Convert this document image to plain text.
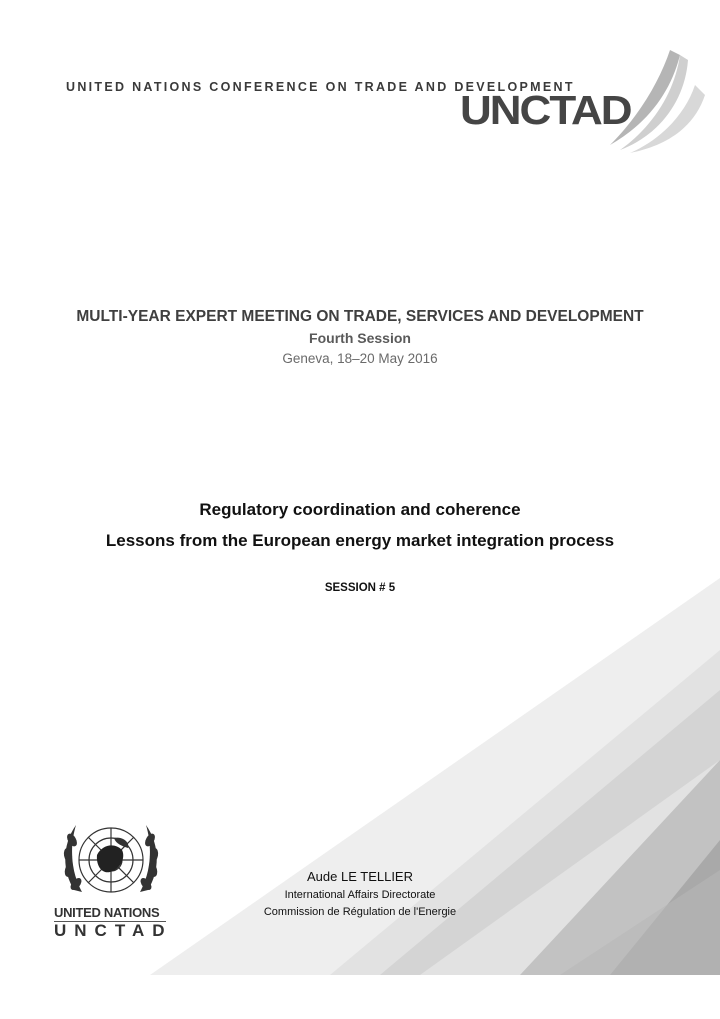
UNITED NATIONS CONFERENCE ON TRADE AND DEVELOPMENT
UNCTAD
MULTI-YEAR EXPERT MEETING ON TRADE, SERVICES AND DEVELOPMENT
Fourth Session
Geneva, 18–20 May 2016
Regulatory coordination and coherence
Lessons from the European energy market integration process
SESSION # 5
UNITED NATIONS
UNCTAD
Aude LE TELLIER
International Affairs Directorate
Commission de Régulation de l'Energie
